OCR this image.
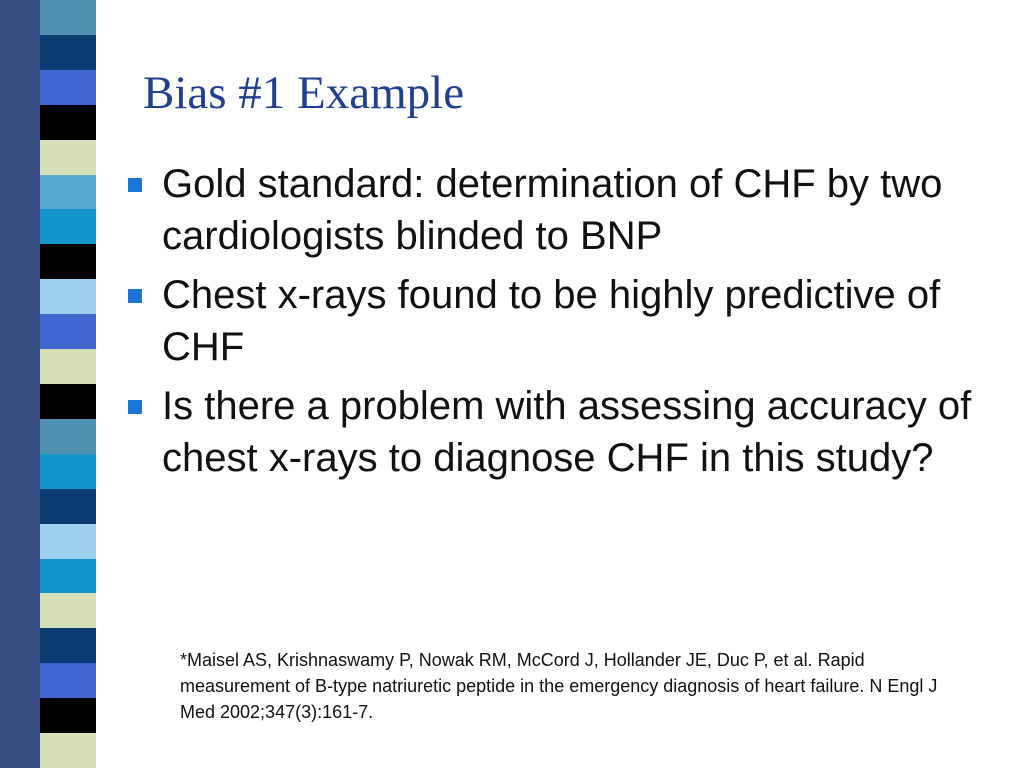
Bias #1 Example
Gold standard: determination of CHF by two cardiologists blinded to BNP
Chest x-rays found to be highly predictive of CHF
Is there a problem with assessing accuracy of chest x-rays to diagnose CHF in this study?

*Maisel AS, Krishnaswamy P, Nowak RM, McCord J, Hollander JE, Duc P, et al. Rapid measurement of B-type natriuretic peptide in the emergency diagnosis of heart failure. N Engl J Med 2002;347(3):161-7.
